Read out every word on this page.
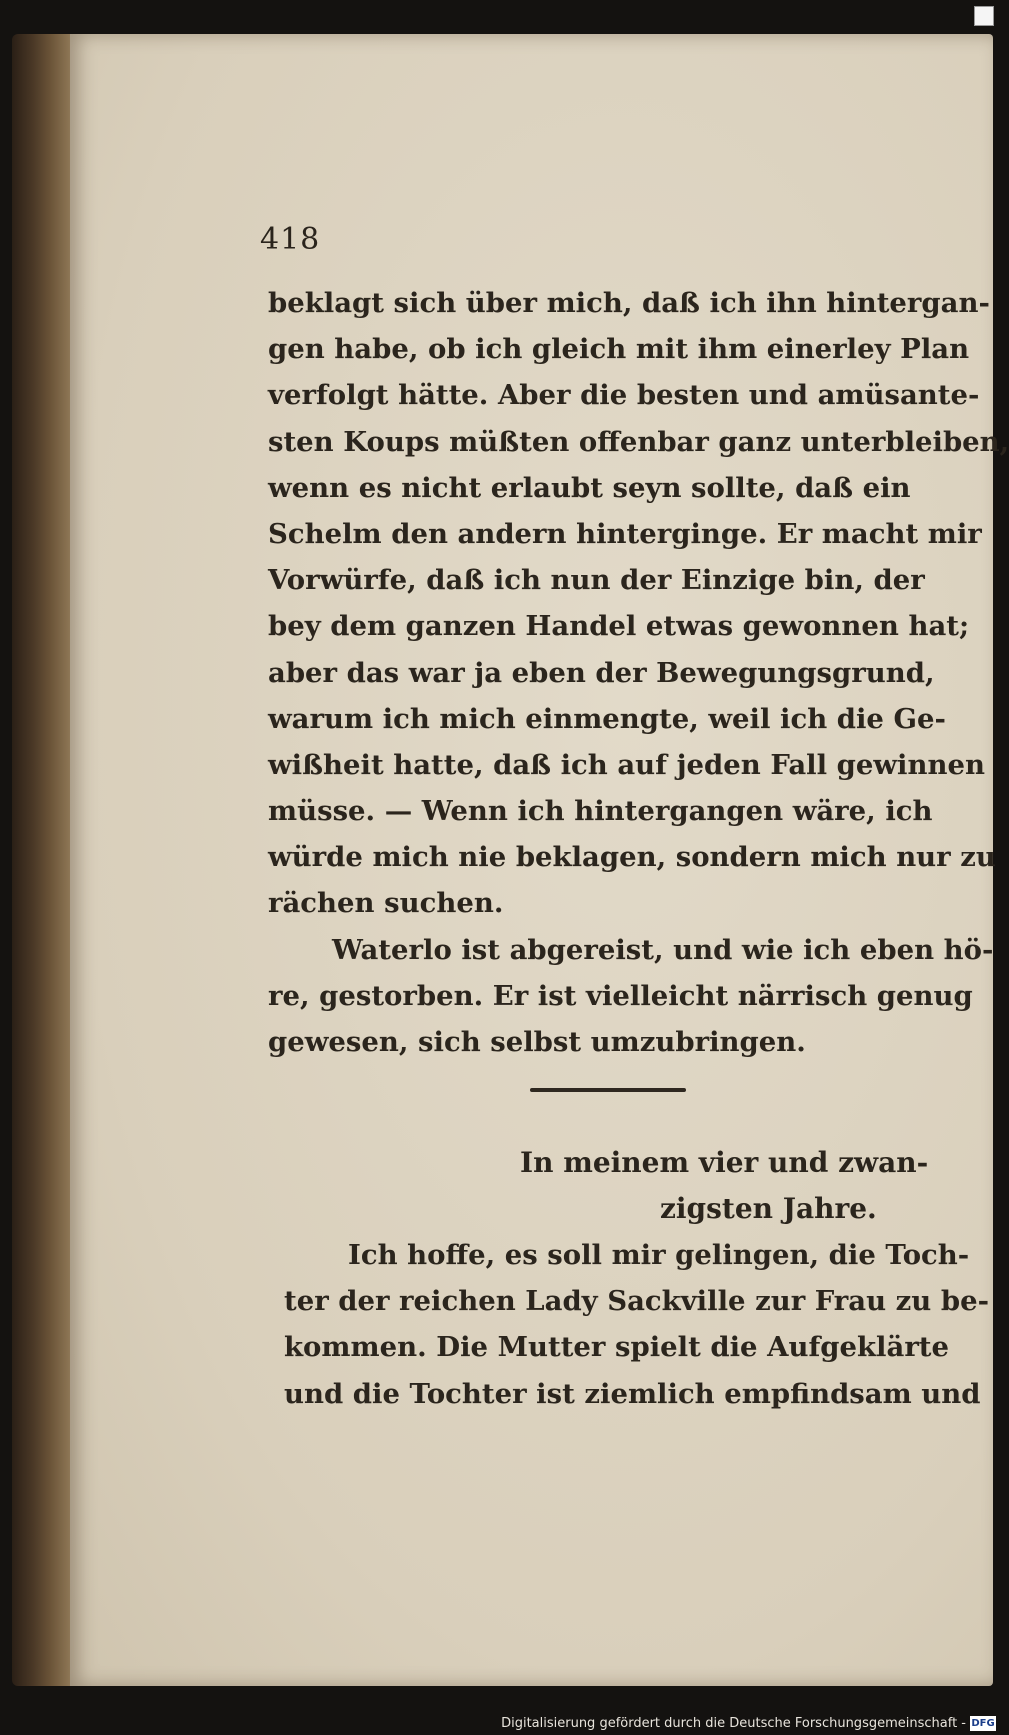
418
beklagt sich über mich, daß ich ihn hintergan-
gen habe, ob ich gleich mit ihm einerley Plan
verfolgt hätte. Aber die besten und amüsante-
sten Koups müßten offenbar ganz unterbleiben,
wenn es nicht erlaubt seyn sollte, daß ein
Schelm den andern hinterginge. Er macht mir
Vorwürfe, daß ich nun der Einzige bin, der
bey dem ganzen Handel etwas gewonnen hat;
aber das war ja eben der Bewegungsgrund,
warum ich mich einmengte, weil ich die Ge-
wißheit hatte, daß ich auf jeden Fall gewinnen
müsse. — Wenn ich hintergangen wäre, ich
würde mich nie beklagen, sondern mich nur zu
rächen suchen.
Waterlo ist abgereist, und wie ich eben hö-
re, gestorben. Er ist vielleicht närrisch genug
gewesen, sich selbst umzubringen.
In meinem vier und zwan-
zigsten Jahre.
Ich hoffe, es soll mir gelingen, die Toch-
ter der reichen Lady Sackville zur Frau zu be-
kommen. Die Mutter spielt die Aufgeklärte
und die Tochter ist ziemlich empfindsam und
Digitalisierung gefördert durch die Deutsche Forschungsgemeinschaft - DFG
